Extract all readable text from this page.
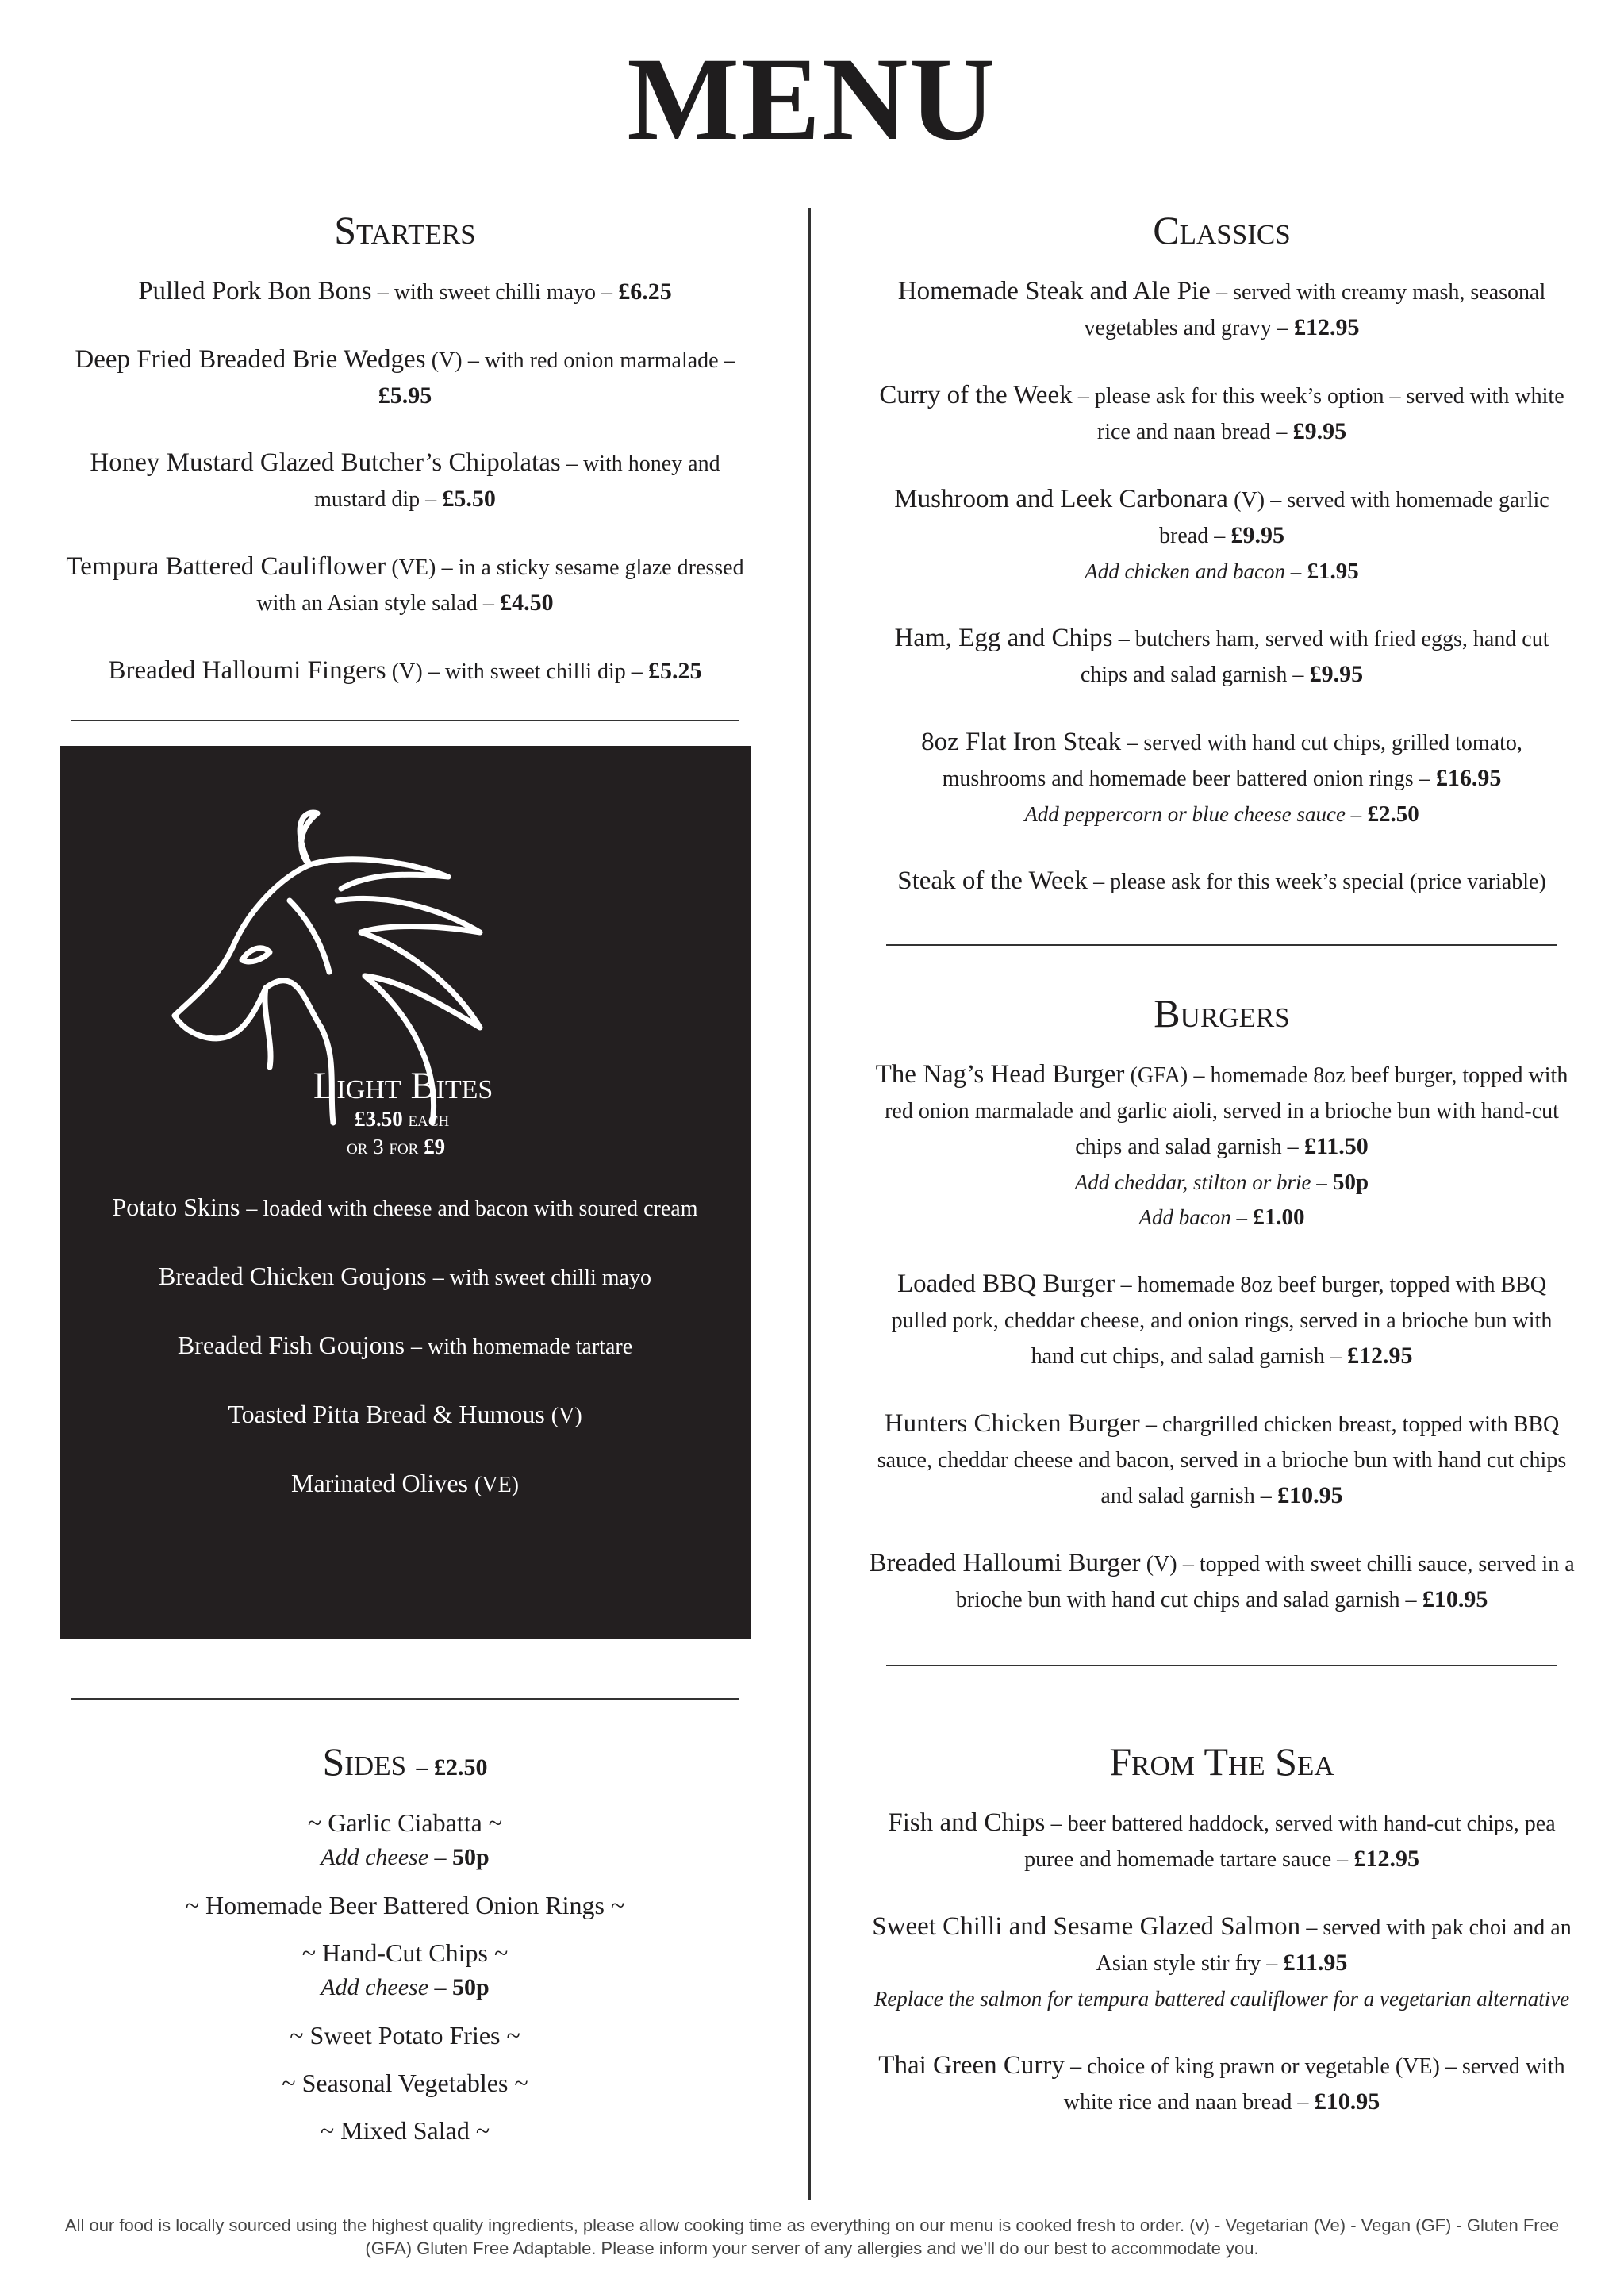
MENU
Starters
Pulled Pork Bon Bons – with sweet chilli mayo – £6.25
Deep Fried Breaded Brie Wedges (V) – with red onion marmalade – £5.95
Honey Mustard Glazed Butcher’s Chipolatas – with honey and mustard dip – £5.50
Tempura Battered Cauliflower (VE) – in a sticky sesame glaze dressed with an Asian style salad – £4.50
Breaded Halloumi Fingers (V) – with sweet chilli dip – £5.25
Light Bites
£3.50 each
or 3 for £9
Potato Skins – loaded with cheese and bacon with soured cream
Breaded Chicken Goujons – with sweet chilli mayo
Breaded Fish Goujons – with homemade tartare
Toasted Pitta Bread & Humous (V)
Marinated Olives (VE)
Sides – £2.50
~ Garlic Ciabatta ~
Add cheese – 50p
~ Homemade Beer Battered Onion Rings ~
~ Hand-Cut Chips ~
Add cheese – 50p
~ Sweet Potato Fries ~
~ Seasonal Vegetables ~
~ Mixed Salad ~
Classics
Homemade Steak and Ale Pie – served with creamy mash, seasonal vegetables and gravy – £12.95
Curry of the Week – please ask for this week’s option – served with white rice and naan bread – £9.95
Mushroom and Leek Carbonara (V) – served with homemade garlic bread – £9.95
Add chicken and bacon – £1.95
Ham, Egg and Chips – butchers ham, served with fried eggs, hand cut chips and salad garnish – £9.95
8oz Flat Iron Steak – served with hand cut chips, grilled tomato, mushrooms and homemade beer battered onion rings – £16.95
Add peppercorn or blue cheese sauce – £2.50
Steak of the Week – please ask for this week’s special (price variable)
Burgers
The Nag’s Head Burger (GFA) – homemade 8oz beef burger, topped with red onion marmalade and garlic aioli, served in a brioche bun with hand-cut chips and salad garnish – £11.50
Add cheddar, stilton or brie – 50p
Add bacon – £1.00
Loaded BBQ Burger – homemade 8oz beef burger, topped with BBQ pulled pork, cheddar cheese, and onion rings, served in a brioche bun with hand cut chips, and salad garnish – £12.95
Hunters Chicken Burger – chargrilled chicken breast, topped with BBQ sauce, cheddar cheese and bacon, served in a brioche bun with hand cut chips and salad garnish – £10.95
Breaded Halloumi Burger (V) – topped with sweet chilli sauce, served in a brioche bun with hand cut chips and salad garnish – £10.95
From The Sea
Fish and Chips – beer battered haddock, served with hand-cut chips, pea puree and homemade tartare sauce – £12.95
Sweet Chilli and Sesame Glazed Salmon – served with pak choi and an Asian style stir fry – £11.95
Replace the salmon for tempura battered cauliflower for a vegetarian alternative
Thai Green Curry – choice of king prawn or vegetable (VE) – served with white rice and naan bread – £10.95
All our food is locally sourced using the highest quality ingredients, please allow cooking time as everything on our menu is cooked fresh to order. (v) - Vegetarian (Ve) - Vegan (GF) - Gluten Free (GFA) Gluten Free Adaptable. Please inform your server of any allergies and we’ll do our best to accommodate you.
